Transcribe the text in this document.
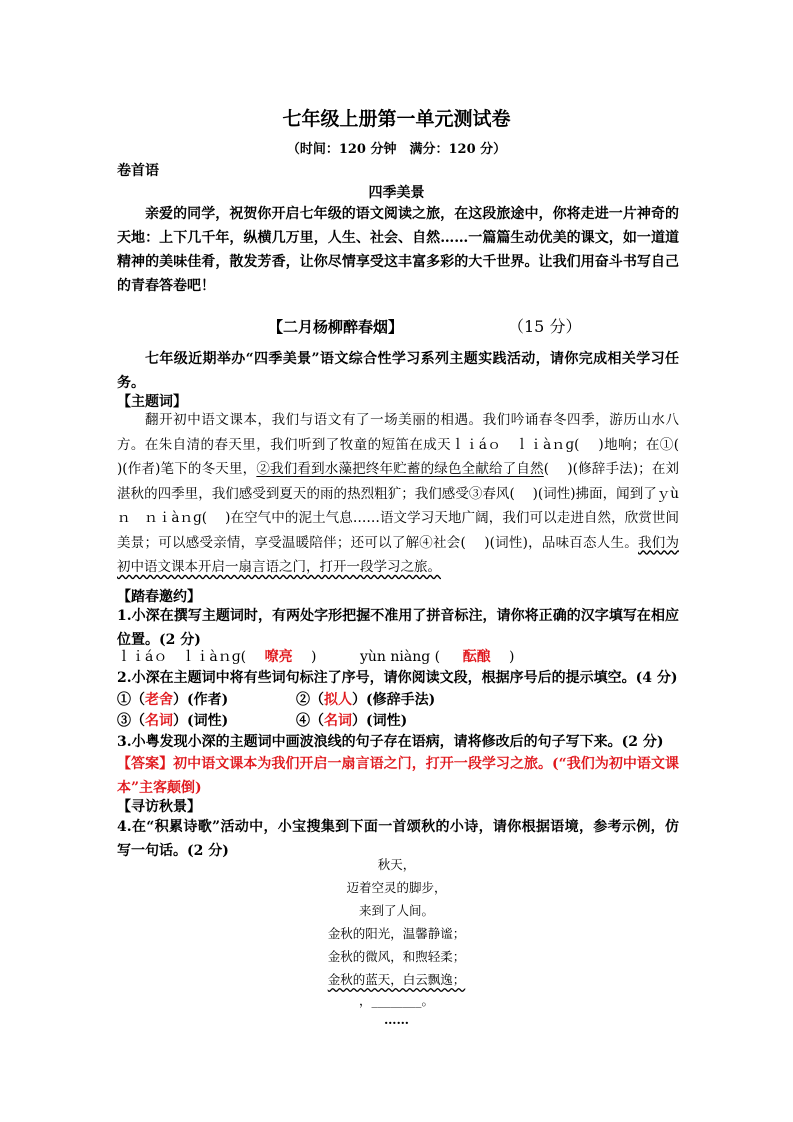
七年级上册第一单元测试卷
（时间：120 分钟　满分：120 分）
卷首语
四季美景
亲爱的同学，祝贺你开启七年级的语文阅读之旅，在这段旅途中，你将走进一片神奇的天地：上下几千年，纵横几万里，人生、社会、自然……一篇篇生动优美的课文，如一道道精神的美味佳肴，散发芳香，让你尽情享受这丰富多彩的大千世界。让我们用奋斗书写自己的青春答卷吧！
【二月杨柳醉春烟】	（15 分）
七年级近期举办“四季美景”语文综合性学习系列主题实践活动，请你完成相关学习任务。
【主题词】
翻开初中语文课本，我们与语文有了一场美丽的相遇。我们吟诵春冬四季，游历山水八方。在朱自清的春天里，我们听到了牧童的短笛在成天ｌｉáｏ　ｌｉàｎɡ(　 )地响；在①(　 )(作者)笔下的冬天里，②我们看到水藻把终年贮蓄的绿色全献给了自然(　 )(修辞手法)；在刘湛秋的四季里，我们感受到夏天的雨的热烈粗犷；我们感受③春风(　 )(词性)拂面，闻到了ｙùｎ　ｎｉàｎɡ(　 )在空气中的泥土气息……语文学习天地广阔，我们可以走进自然，欣赏世间美景；可以感受亲情，享受温暖陪伴；还可以了解④社会(　 )(词性)，品味百态人生。我们为初中语文课本开启一扇言语之门，打开一段学习之旅。
【踏春邀约】
1.小深在撰写主题词时，有两处字形把握不准用了拼音标注，请你将正确的汉字填写在相应位置。(2 分)
ｌｉáｏ　ｌｉàｎɡ( 嘹亮 )	yùn niàng ( 酝酿 )
2.小深在主题词中将有些词句标注了序号，请你阅读文段，根据序号后的提示填空。(4 分)
①（老舍）(作者)	②（拟人）(修辞手法)
③（名词）(词性)	④（名词）(词性)
3.小粤发现小深的主题词中画波浪线的句子存在语病，请将修改后的句子写下来。(2 分)
【答案】初中语文课本为我们开启一扇言语之门，打开一段学习之旅。(“我们为初中语文课本”主客颠倒)
【寻访秋景】
4.在“积累诗歌”活动中，小宝搜集到下面一首颂秋的小诗，请你根据语境，参考示例，仿写一句话。(2 分)
秋天，
迈着空灵的脚步，
来到了人间。
金秋的阳光，温馨静谧；
金秋的微风，和煦轻柔；
金秋的蓝天，白云飘逸；
，________。
……
